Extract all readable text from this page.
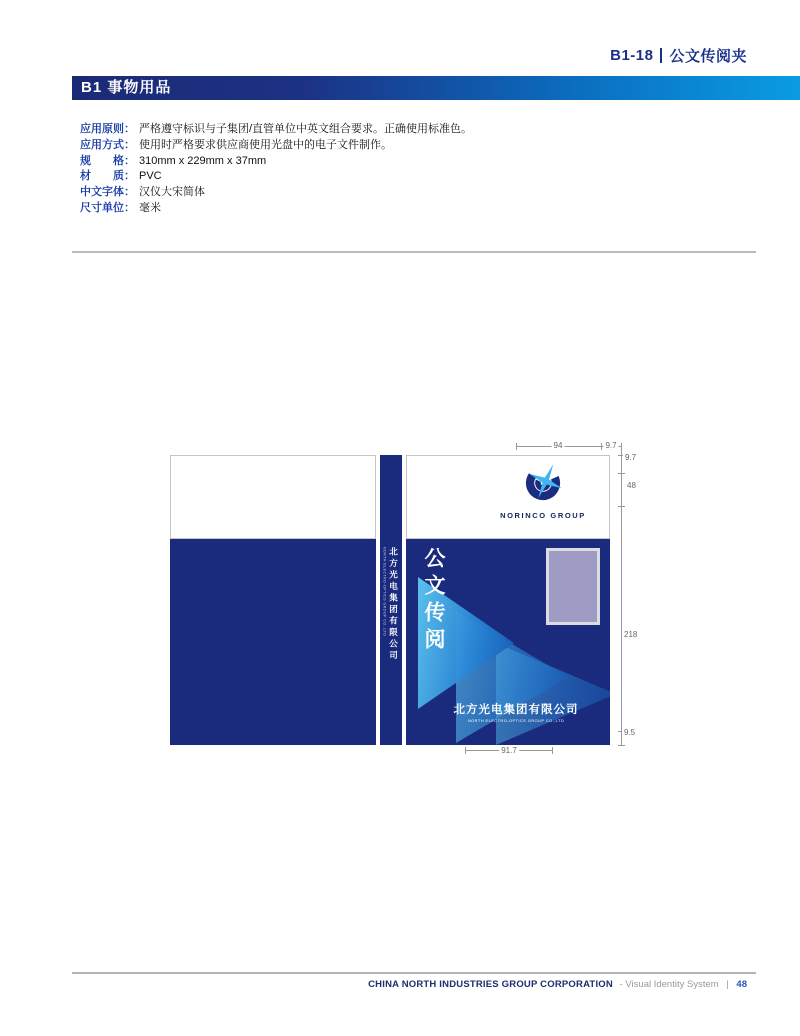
B1-18 公文传阅夹
B1 事物用品
应用原则： 严格遵守标识与子集团/直管单位中英文组合要求。正确使用标准色。
应用方式： 使用时严格要求供应商使用光盘中的电子文件制作。
规　　格： 310mm x 229mm x 37mm
材　　质： PVC
中文字体： 汉仪大宋简体
尺寸单位： 毫米
NORTH ELECTRO-OPTICS GROUP CO.,LTD 北方光电集团有限公司
NORINCO GROUP
公文传阅
北方光电集团有限公司
NORTH ELECTRO-OPTICS GROUP CO.,LTD
94	9.7
9.7
48
218
9.5
91.7
CHINA NORTH INDUSTRIES GROUP CORPORATION - Visual Identity System | 48
